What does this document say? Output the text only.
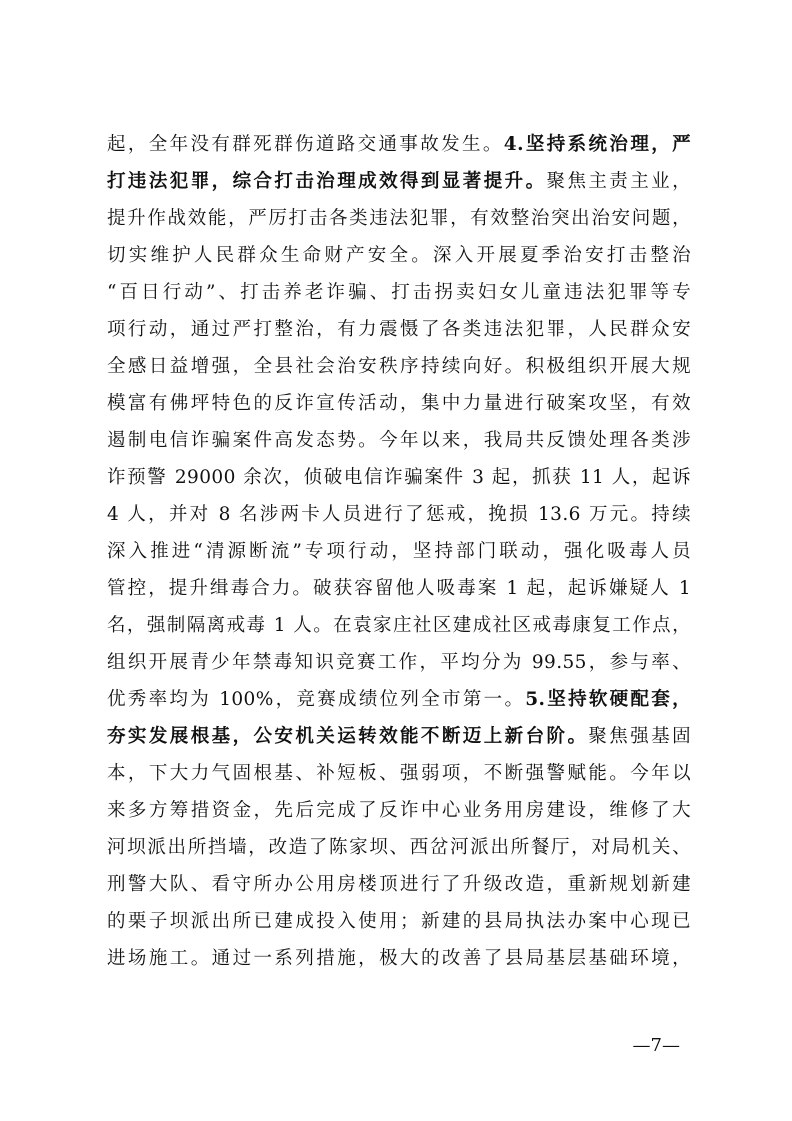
起，全年没有群死群伤道路交通事故发生。4.坚持系统治理，严
打违法犯罪，综合打击治理成效得到显著提升。聚焦主责主业，
提升作战效能，严厉打击各类违法犯罪，有效整治突出治安问题，
切实维护人民群众生命财产安全。深入开展夏季治安打击整治
“百日行动”、打击养老诈骗、打击拐卖妇女儿童违法犯罪等专
项行动，通过严打整治，有力震慑了各类违法犯罪，人民群众安
全感日益增强，全县社会治安秩序持续向好。积极组织开展大规
模富有佛坪特色的反诈宣传活动，集中力量进行破案攻坚，有效
遏制电信诈骗案件高发态势。今年以来，我局共反馈处理各类涉
诈预警 29000 余次，侦破电信诈骗案件 3 起，抓获 11 人，起诉
4 人，并对 8 名涉两卡人员进行了惩戒，挽损 13.6 万元。持续
深入推进“清源断流”专项行动，坚持部门联动，强化吸毒人员
管控，提升缉毒合力。破获容留他人吸毒案 1 起，起诉嫌疑人 1
名，强制隔离戒毒 1 人。在袁家庄社区建成社区戒毒康复工作点，
组织开展青少年禁毒知识竞赛工作，平均分为 99.55，参与率、
优秀率均为 100%，竞赛成绩位列全市第一。5.坚持软硬配套，
夯实发展根基，公安机关运转效能不断迈上新台阶。聚焦强基固
本，下大力气固根基、补短板、强弱项，不断强警赋能。今年以
来多方筹措资金，先后完成了反诈中心业务用房建设，维修了大
河坝派出所挡墙，改造了陈家坝、西岔河派出所餐厅，对局机关、
刑警大队、看守所办公用房楼顶进行了升级改造，重新规划新建
的栗子坝派出所已建成投入使用；新建的县局执法办案中心现已
进场施工。通过一系列措施，极大的改善了县局基层基础环境，
—7—
